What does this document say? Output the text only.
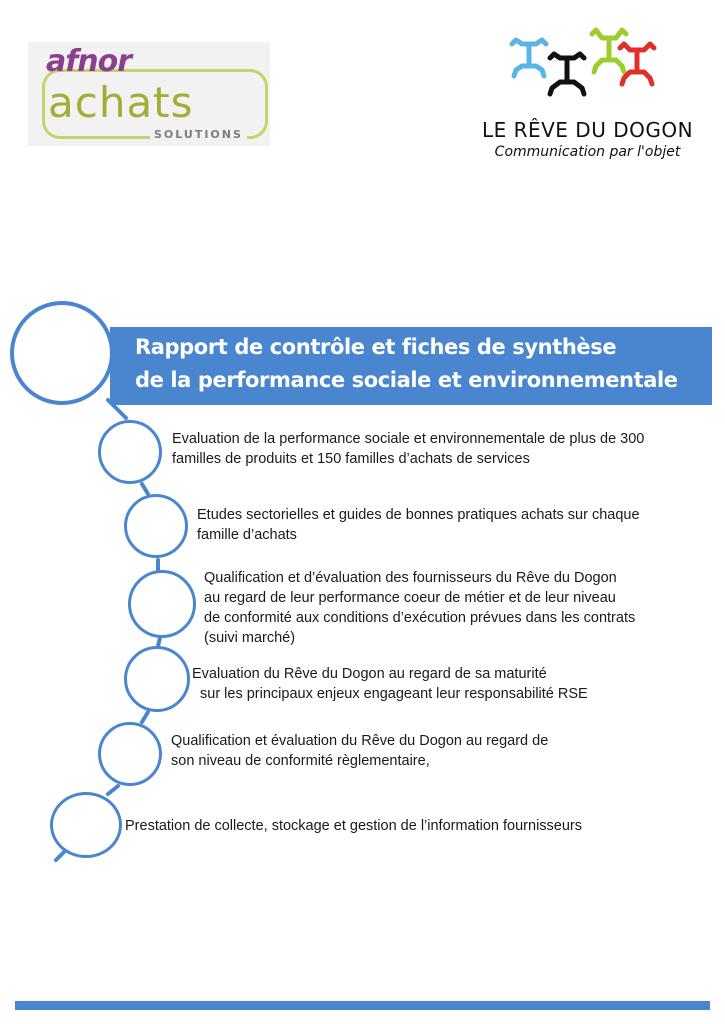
afnor
achats
SOLUTIONS	LE RÊVE DU DOGON
Communication par l'objet
Rapport de contrôle et fiches de synthèse
de la performance sociale et environnementale
Evaluation de la performance sociale et environnementale de plus de 300
familles de produits et 150 familles d’achats de services
Etudes sectorielles et guides de bonnes pratiques achats sur chaque
famille d’achats
Qualification et d’évaluation des fournisseurs du Rêve du Dogon
au regard de leur performance coeur de métier et de leur niveau
de conformité aux conditions d’exécution prévues dans les contrats
(suivi marché)
Evaluation du Rêve du Dogon au regard de sa maturité
sur les principaux enjeux engageant leur responsabilité RSE
Qualification et évaluation du Rêve du Dogon au regard de
son niveau de conformité règlementaire,
Prestation de collecte, stockage et gestion de l’information fournisseurs
